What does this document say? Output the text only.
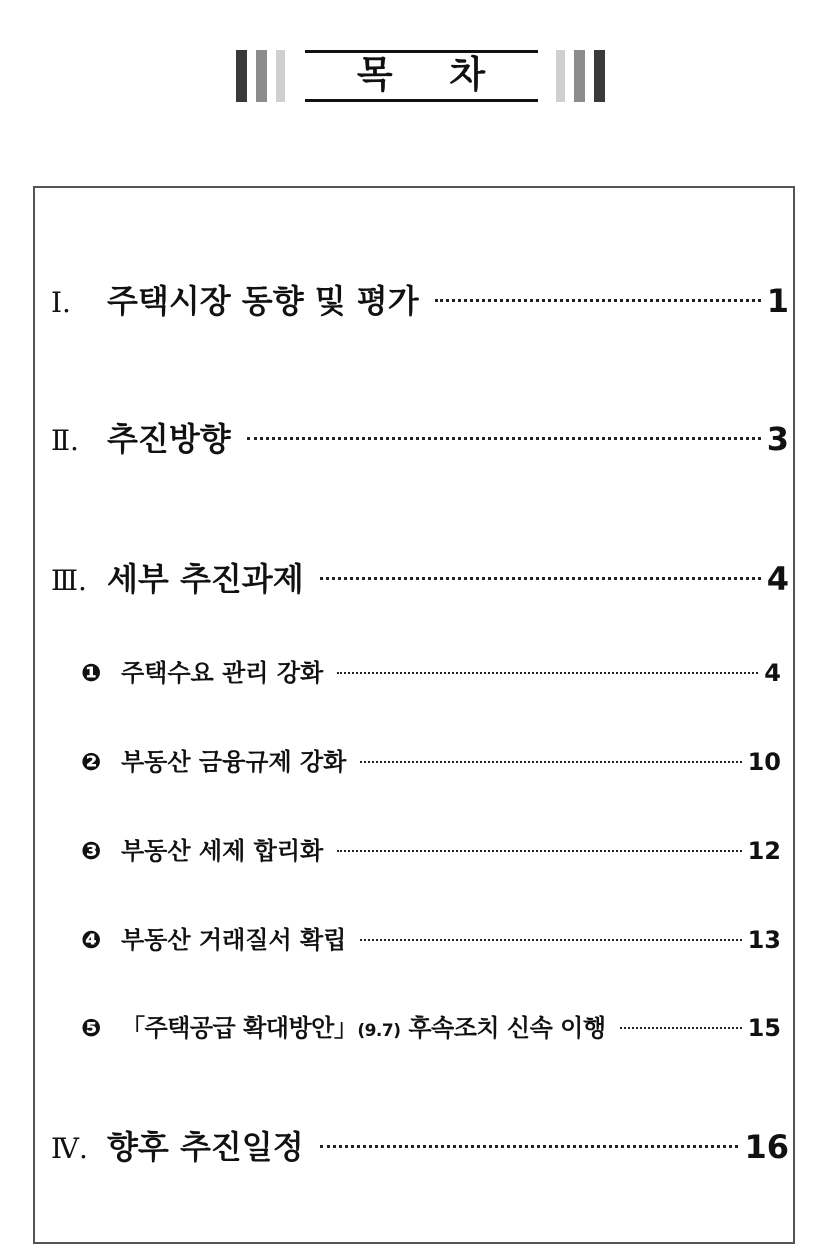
목 차
Ⅰ.	주택시장 동향 및 평가	1
Ⅱ. 추진방향	3
Ⅲ. 세부 추진과제	4
❶ 주택수요 관리 강화	4
❷ 부동산 금융규제 강화	10
❸ 부동산 세제 합리화	12
❹ 부동산 거래질서 확립	13
❺ 「주택공급 확대방안」(9.7) 후속조치 신속 이행	15
Ⅳ. 향후 추진일정	16
